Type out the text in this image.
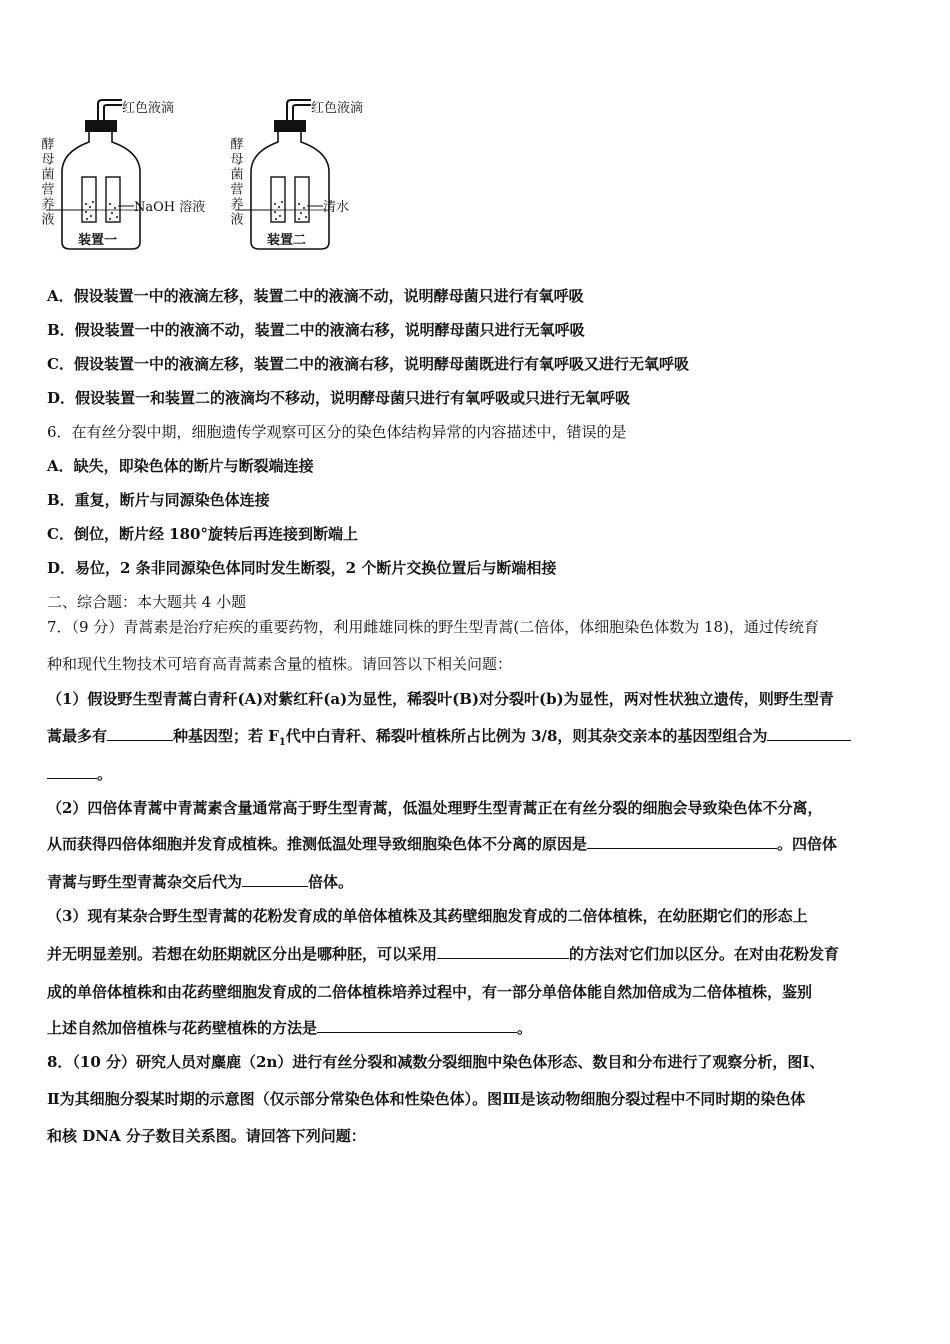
红色液滴	红色液滴
NaOH 溶液	清水
酵母菌营养液	酵母菌营养液
装置一	装置二
A．假设装置一中的液滴左移，装置二中的液滴不动，说明酵母菌只进行有氧呼吸
B．假设装置一中的液滴不动，装置二中的液滴右移，说明酵母菌只进行无氧呼吸
C．假设装置一中的液滴左移，装置二中的液滴右移，说明酵母菌既进行有氧呼吸又进行无氧呼吸
D．假设装置一和装置二的液滴均不移动，说明酵母菌只进行有氧呼吸或只进行无氧呼吸
6．在有丝分裂中期，细胞遗传学观察可区分的染色体结构异常的内容描述中，错误的是
A．缺失，即染色体的断片与断裂端连接
B．重复，断片与同源染色体连接
C．倒位，断片经 180°旋转后再连接到断端上
D．易位，2 条非同源染色体同时发生断裂，2 个断片交换位置后与断端相接
二、综合题：本大题共 4 小题
7．（9 分）青蒿素是治疗疟疾的重要药物，利用雌雄同株的野生型青蒿(二倍体，体细胞染色体数为 18)，通过传统育
种和现代生物技术可培育高青蒿素含量的植株。请回答以下相关问题：
（1）假设野生型青蒿白青秆(A)对紫红秆(a)为显性，稀裂叶(B)对分裂叶(b)为显性，两对性状独立遗传，则野生型青
蒿最多有	种基因型；若 $F_1$代中白青秆、稀裂叶植株所占比例为 3/8，则其杂交亲本的基因型组合为
。
（2）四倍体青蒿中青蒿素含量通常高于野生型青蒿，低温处理野生型青蒿正在有丝分裂的细胞会导致染色体不分离，
从而获得四倍体细胞并发育成植株。推测低温处理导致细胞染色体不分离的原因是	。四倍体
青蒿与野生型青蒿杂交后代为	倍体。
（3）现有某杂合野生型青蒿的花粉发育成的单倍体植株及其药壁细胞发育成的二倍体植株，在幼胚期它们的形态上
并无明显差别。若想在幼胚期就区分出是哪种胚，可以采用	的方法对它们加以区分。在对由花粉发育
成的单倍体植株和由花药壁细胞发育成的二倍体植株培养过程中，有一部分单倍体能自然加倍成为二倍体植株，鉴别
上述自然加倍植株与花药壁植株的方法是	。
8．（10 分）研究人员对麋鹿（2n）进行有丝分裂和减数分裂细胞中染色体形态、数目和分布进行了观察分析，图Ⅰ、
Ⅱ为其细胞分裂某时期的示意图（仅示部分常染色体和性染色体）。图Ⅲ是该动物细胞分裂过程中不同时期的染色体
和核 DNA 分子数目关系图。请回答下列问题：
